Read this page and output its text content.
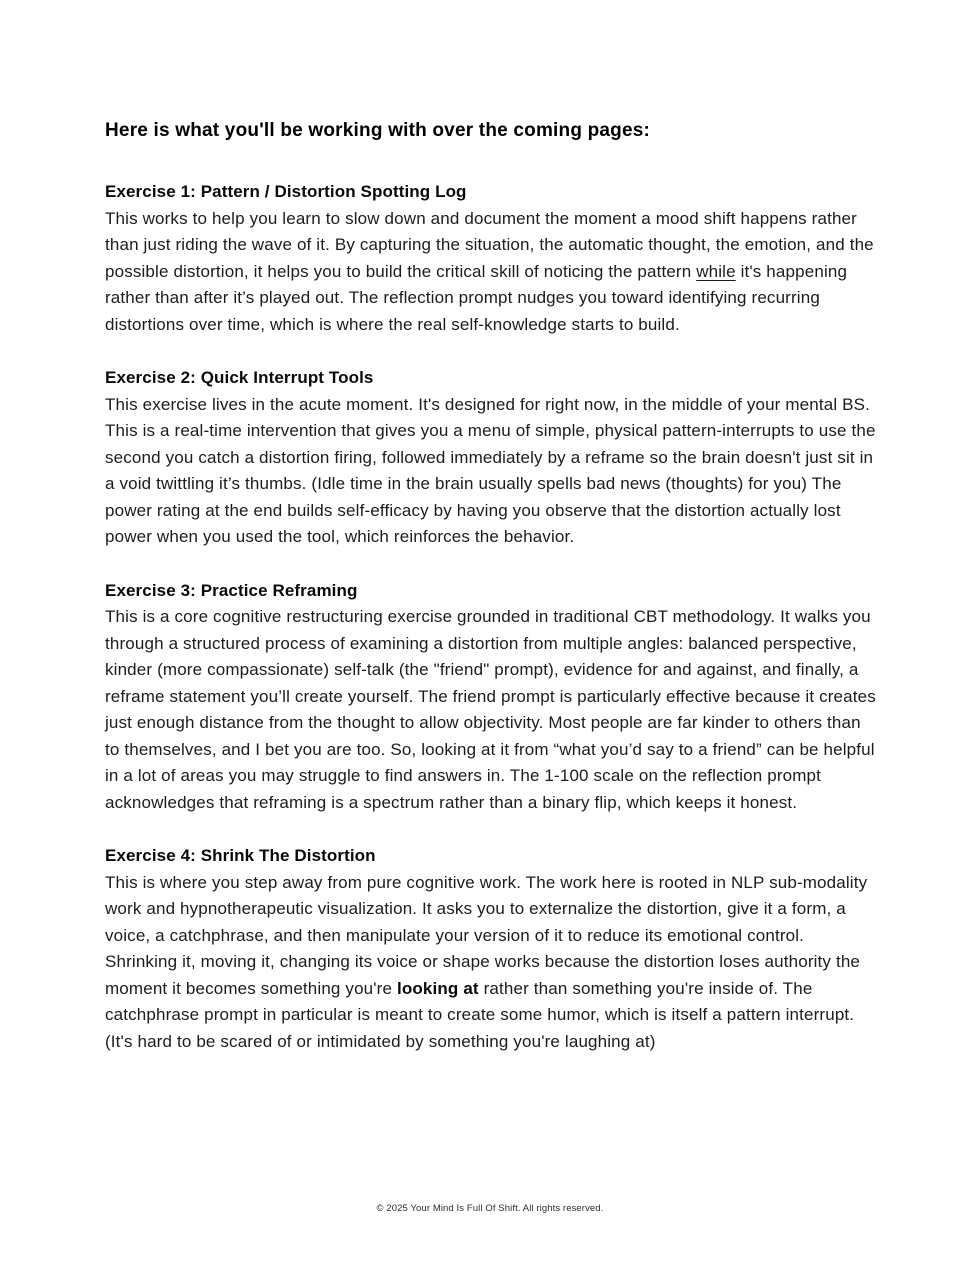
Here is what you'll be working with over the coming pages:
Exercise 1: Pattern / Distortion Spotting Log

This works to help you learn to slow down and document the moment a mood shift happens rather than just riding the wave of it. By capturing the situation, the automatic thought, the emotion, and the possible distortion, it helps you to build the critical skill of noticing the pattern while it's happening rather than after it’s played out. The reflection prompt nudges you toward identifying recurring distortions over time, which is where the real self-knowledge starts to build.

Exercise 2: Quick Interrupt Tools

This exercise lives in the acute moment. It's designed for right now, in the middle of your mental BS. This is a real-time intervention that gives you a menu of simple, physical pattern-interrupts to use the second you catch a distortion firing, followed immediately by a reframe so the brain doesn't just sit in a void twittling it’s thumbs. (Idle time in the brain usually spells bad news (thoughts) for you) The power rating at the end builds self-efficacy by having you observe that the distortion actually lost power when you used the tool, which reinforces the behavior.

Exercise 3: Practice Reframing

This is a core cognitive restructuring exercise grounded in traditional CBT methodology. It walks you through a structured process of examining a distortion from multiple angles: balanced perspective, kinder (more compassionate) self-talk (the "friend" prompt), evidence for and against, and finally, a reframe statement you’ll create yourself. The friend prompt is particularly effective because it creates just enough distance from the thought to allow objectivity. Most people are far kinder to others than to themselves, and I bet you are too. So, looking at it from “what you’d say to a friend” can be helpful in a lot of areas you may struggle to find answers in. The 1-100 scale on the reflection prompt acknowledges that reframing is a spectrum rather than a binary flip, which keeps it honest.

Exercise 4: Shrink The Distortion

This is where you step away from pure cognitive work. The work here is rooted in NLP sub-modality work and hypnotherapeutic visualization. It asks you to externalize the distortion, give it a form, a voice, a catchphrase, and then manipulate your version of it to reduce its emotional control. Shrinking it, moving it, changing its voice or shape works because the distortion loses authority the moment it becomes something you're looking at rather than something you're inside of. The catchphrase prompt in particular is meant to create some humor, which is itself a pattern interrupt. (It's hard to be scared of or intimidated by something you're laughing at)

© 2025 Your Mind Is Full Of Shift. All rights reserved.
